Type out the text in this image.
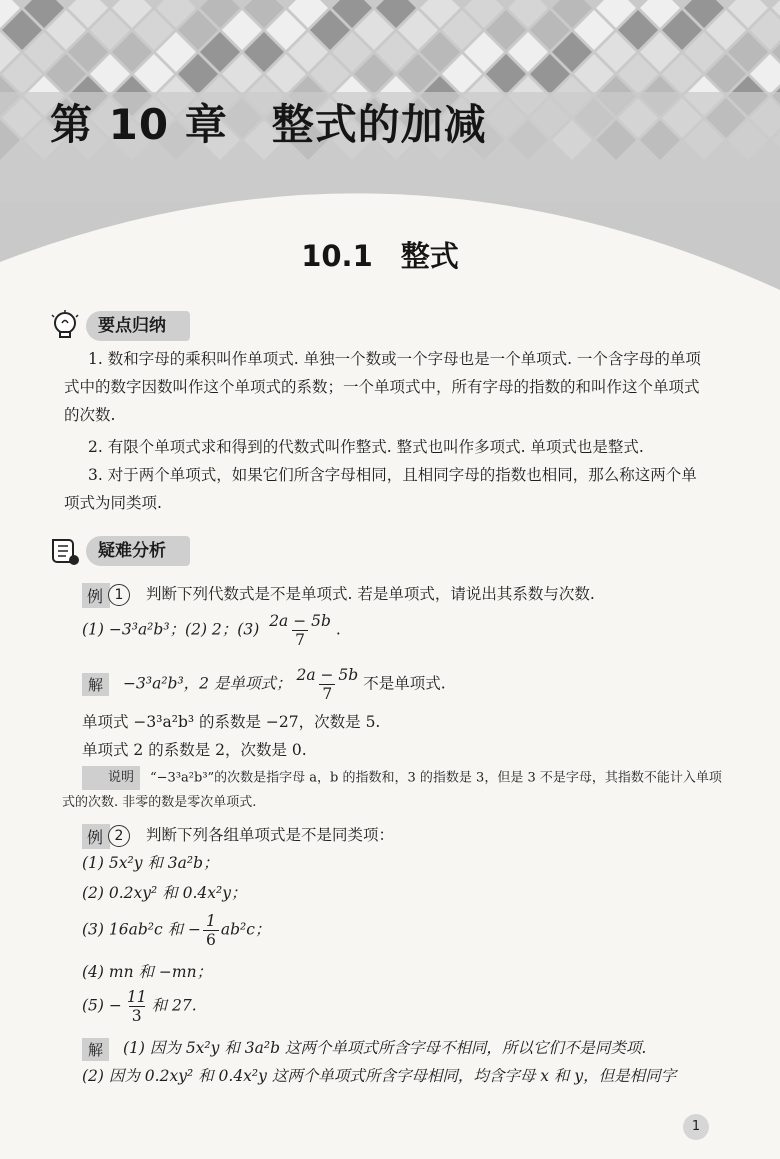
第 10 章 整式的加减
10.1 整式
要点归纳

1. 数和字母的乘积叫作单项式. 单独一个数或一个字母也是一个单项式. 一个含字母的单项式中的数字因数叫作这个单项式的系数；一个单项式中，所有字母的指数的和叫作这个单项式的次数.

2. 有限个单项式求和得到的代数式叫作整式. 整式也叫作多项式. 单项式也是整式.

3. 对于两个单项式，如果它们所含字母相同，且相同字母的指数也相同，那么称这两个单项式为同类项.

疑难分析
例 1	判断下列代数式是不是单项式. 若是单项式，请说出其系数与次数.
(1) −3³a²b³；(2) 2；$(3) \frac{2a - 5b}{7}$ .
解 −3³a²b³，2 是单项式； $\frac{2a - 5b}{7}$ 不是单项式.
单项式 −3³a²b³ 的系数是 −27，次数是 5.
单项式 2 的系数是 2，次数是 0.

说明 “−3³a²b³”的次数是指字母 a，b 的指数和，3 的指数是 3，但是 3 不是字母，其指数不能计入单项式的次数. 非零的数是零次单项式.

例 2	判断下列各组单项式是不是同类项：
(1) 5x²y 和 3a²b；
(2) 0.2xy² 和 0.4x²y；
(3) 16ab²c 和 − $\frac{1}{6} ab^2c$；
(4) mn 和 −mn；
$(5) - \frac{11}{3}$ 和 27.
解 (1) 因为 5x²y 和 3a²b 这两个单项式所含字母不相同，所以它们不是同类项.
(2) 因为 0.2xy² 和 0.4x²y 这两个单项式所含字母相同，均含字母 x 和 y，但是相同字
1
